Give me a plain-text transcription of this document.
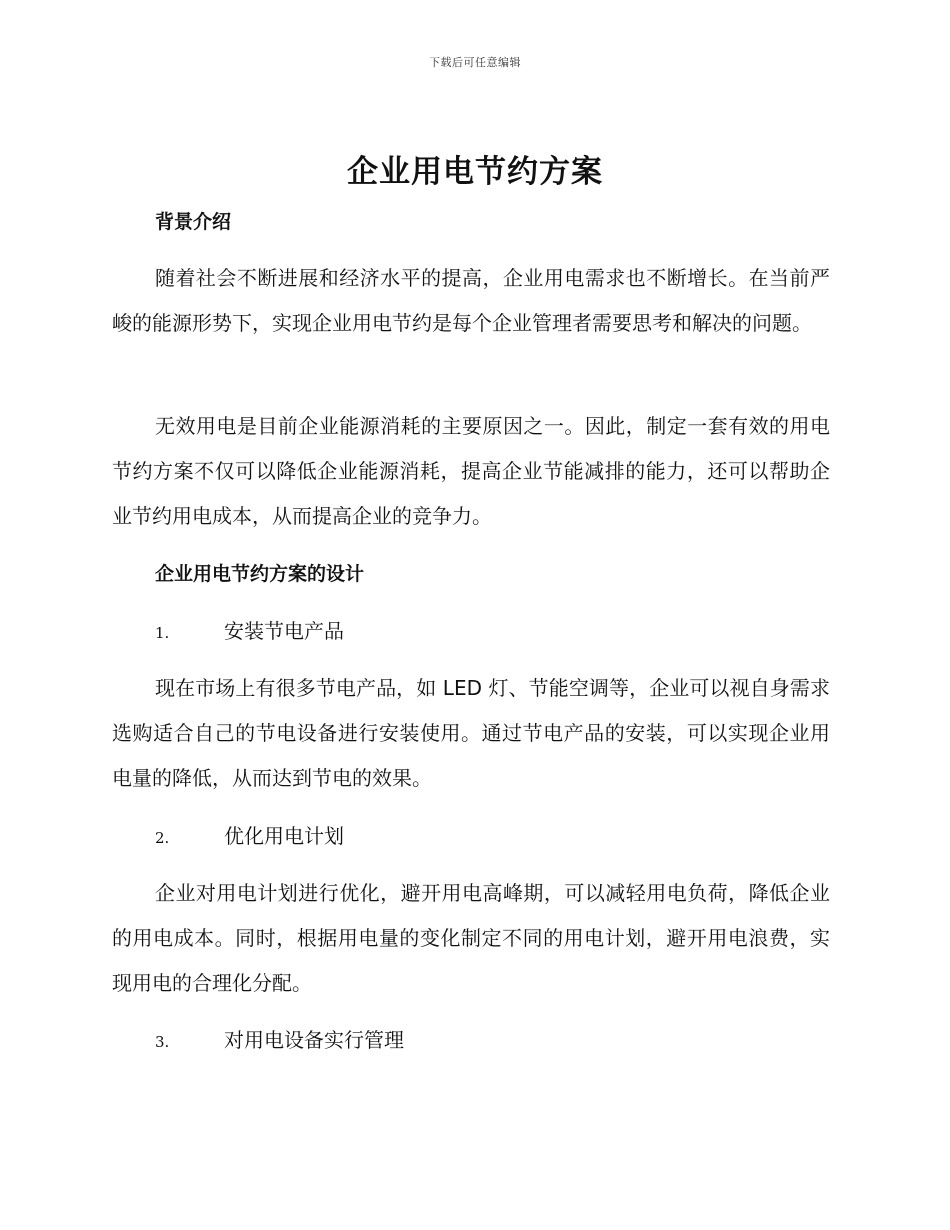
下载后可任意编辑
企业用电节约方案
背景介绍

随着社会不断进展和经济水平的提高，企业用电需求也不断增长。在当前严峻的能源形势下，实现企业用电节约是每个企业管理者需要思考和解决的问题。

无效用电是目前企业能源消耗的主要原因之一。因此，制定一套有效的用电节约方案不仅可以降低企业能源消耗，提高企业节能减排的能力，还可以帮助企业节约用电成本，从而提高企业的竞争力。

企业用电节约方案的设计
1.	安装节电产品

现在市场上有很多节电产品，如 LED 灯、节能空调等，企业可以视自身需求选购适合自己的节电设备进行安装使用。通过节电产品的安装，可以实现企业用电量的降低，从而达到节电的效果。

2.	优化用电计划

企业对用电计划进行优化，避开用电高峰期，可以减轻用电负荷，降低企业的用电成本。同时，根据用电量的变化制定不同的用电计划，避开用电浪费，实现用电的合理化分配。

3.	对用电设备实行管理
